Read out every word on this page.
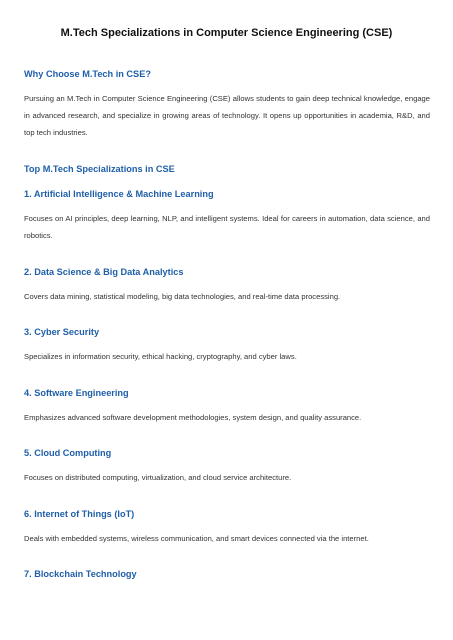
M.Tech Specializations in Computer Science Engineering (CSE)
Why Choose M.Tech in CSE?

Pursuing an M.Tech in Computer Science Engineering (CSE) allows students to gain deep technical knowledge, engage in advanced research, and specialize in growing areas of technology. It opens up opportunities in academia, R&D, and top tech industries.

Top M.Tech Specializations in CSE
1. Artificial Intelligence & Machine Learning

Focuses on AI principles, deep learning, NLP, and intelligent systems. Ideal for careers in automation, data science, and robotics.

2. Data Science & Big Data Analytics

Covers data mining, statistical modeling, big data technologies, and real-time data processing.

3. Cyber Security

Specializes in information security, ethical hacking, cryptography, and cyber laws.

4. Software Engineering

Emphasizes advanced software development methodologies, system design, and quality assurance.

5. Cloud Computing

Focuses on distributed computing, virtualization, and cloud service architecture.

6. Internet of Things (IoT)

Deals with embedded systems, wireless communication, and smart devices connected via the internet.

7. Blockchain Technology
